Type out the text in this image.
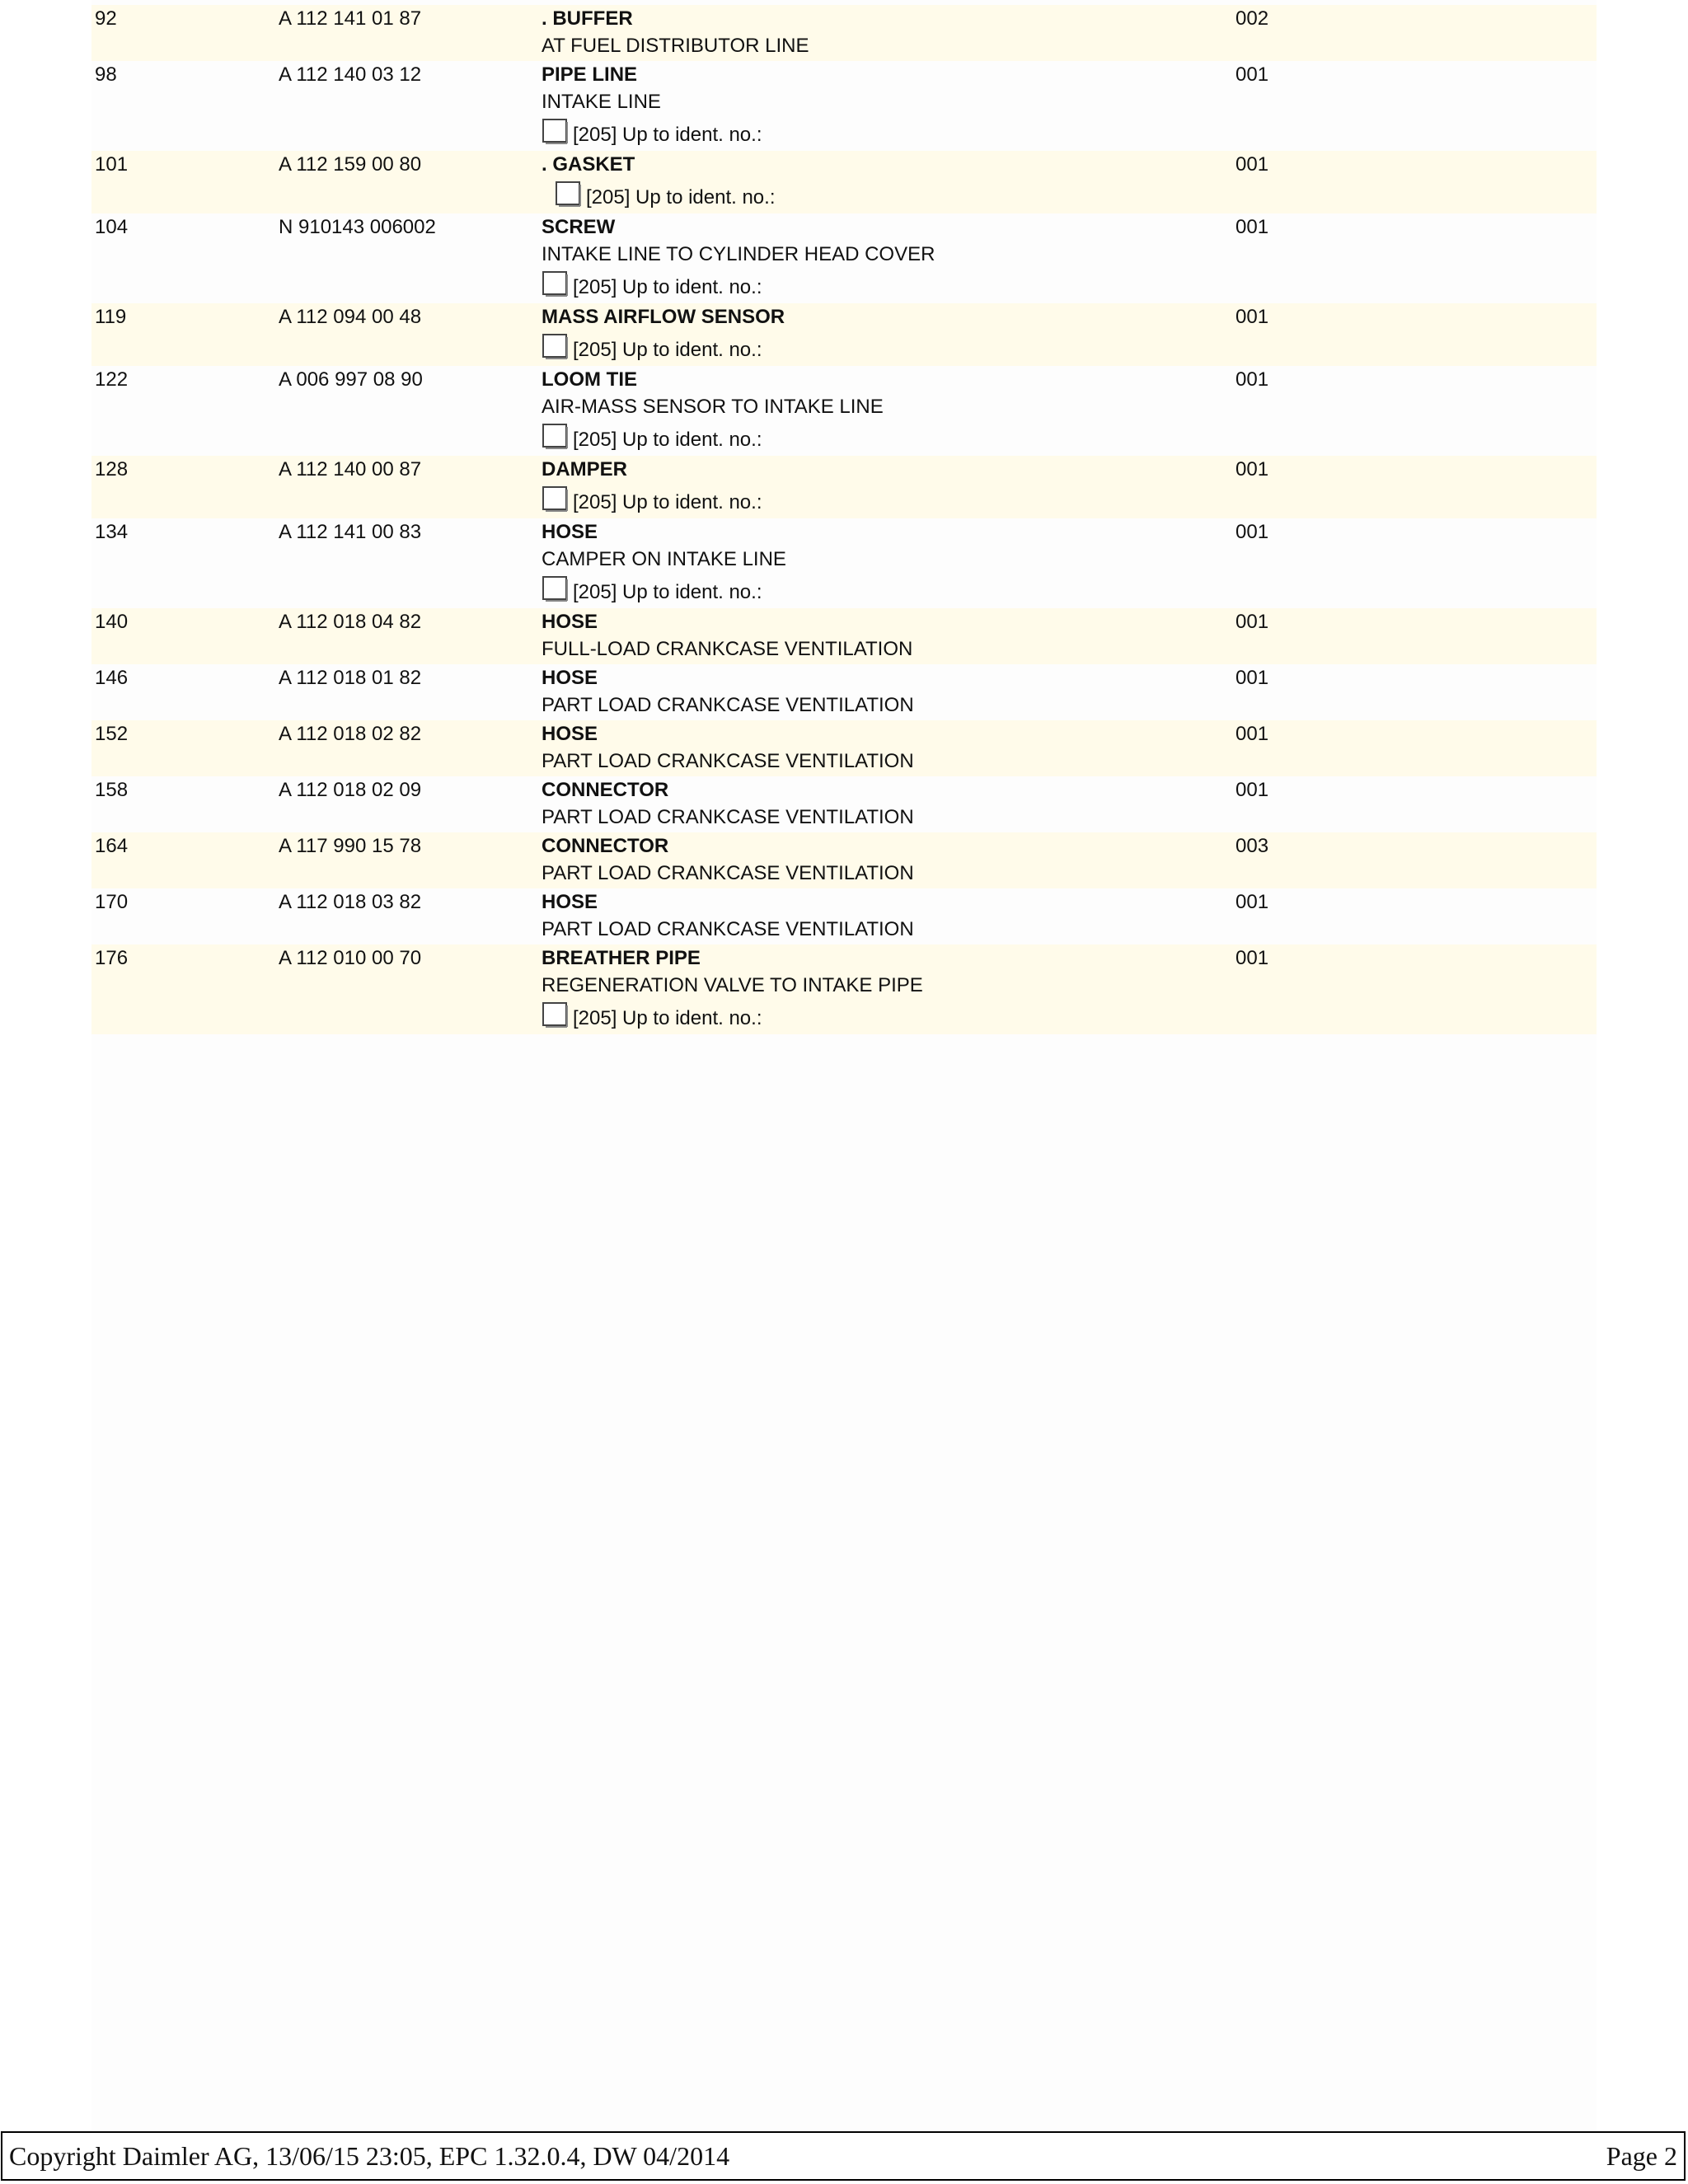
92	A 112 141 01 87	. BUFFER
AT FUEL DISTRIBUTOR LINE
002
98	A 112 140 03 12	PIPE LINE
INTAKE LINE
[205] Up to ident. no.:
001
101	A 112 159 00 80	. GASKET
[205] Up to ident. no.:
001
104	N 910143 006002	SCREW
INTAKE LINE TO CYLINDER HEAD COVER
[205] Up to ident. no.:
001
119	A 112 094 00 48	MASS AIRFLOW SENSOR
[205] Up to ident. no.:
001
122	A 006 997 08 90	LOOM TIE
AIR-MASS SENSOR TO INTAKE LINE
[205] Up to ident. no.:
001
128	A 112 140 00 87	DAMPER
[205] Up to ident. no.:
001
134	A 112 141 00 83	HOSE
CAMPER ON INTAKE LINE
[205] Up to ident. no.:
001
140	A 112 018 04 82	HOSE
FULL-LOAD CRANKCASE VENTILATION
001
146	A 112 018 01 82	HOSE
PART LOAD CRANKCASE VENTILATION
001
152	A 112 018 02 82	HOSE
PART LOAD CRANKCASE VENTILATION
001
158	A 112 018 02 09	CONNECTOR
PART LOAD CRANKCASE VENTILATION
001
164	A 117 990 15 78	CONNECTOR
PART LOAD CRANKCASE VENTILATION
003
170	A 112 018 03 82	HOSE
PART LOAD CRANKCASE VENTILATION
001
176	A 112 010 00 70	BREATHER PIPE
REGENERATION VALVE TO INTAKE PIPE
[205] Up to ident. no.:
001
Copyright Daimler AG, 13/06/15 23:05, EPC 1.32.0.4, DW 04/2014	Page 2
